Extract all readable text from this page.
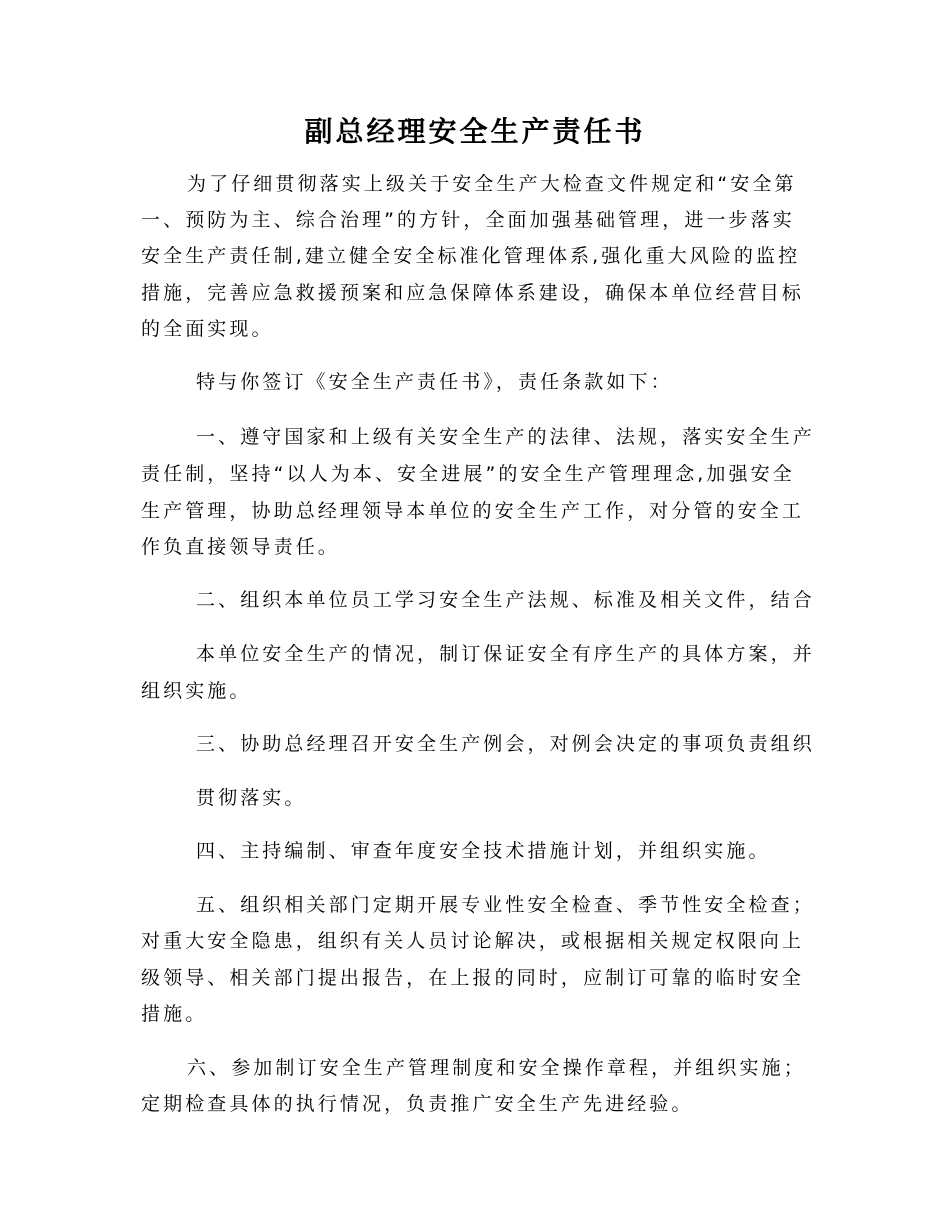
副总经理安全生产责任书

为了仔细贯彻落实上级关于安全生产大检查文件规定和“安全第

一、预防为主、综合治理”的方针，全面加强基础管理，进一步落实

安全生产责任制,建立健全安全标准化管理体系,强化重大风险的监控

措施，完善应急救援预案和应急保障体系建设，确保本单位经营目标

的全面实现。

特与你签订《安全生产责任书》，责任条款如下：

一、遵守国家和上级有关安全生产的法律、法规，落实安全生产

责任制，坚持“以人为本、安全进展”的安全生产管理理念,加强安全

生产管理，协助总经理领导本单位的安全生产工作，对分管的安全工

作负直接领导责任。

二、组织本单位员工学习安全生产法规、标准及相关文件，结合

本单位安全生产的情况，制订保证安全有序生产的具体方案，并

组织实施。

三、协助总经理召开安全生产例会，对例会决定的事项负责组织

贯彻落实。

四、主持编制、审查年度安全技术措施计划，并组织实施。

五、组织相关部门定期开展专业性安全检查、季节性安全检查；

对重大安全隐患，组织有关人员讨论解决，或根据相关规定权限向上

级领导、相关部门提出报告，在上报的同时，应制订可靠的临时安全

措施。

六、参加制订安全生产管理制度和安全操作章程，并组织实施；

定期检查具体的执行情况，负责推广安全生产先进经验。
